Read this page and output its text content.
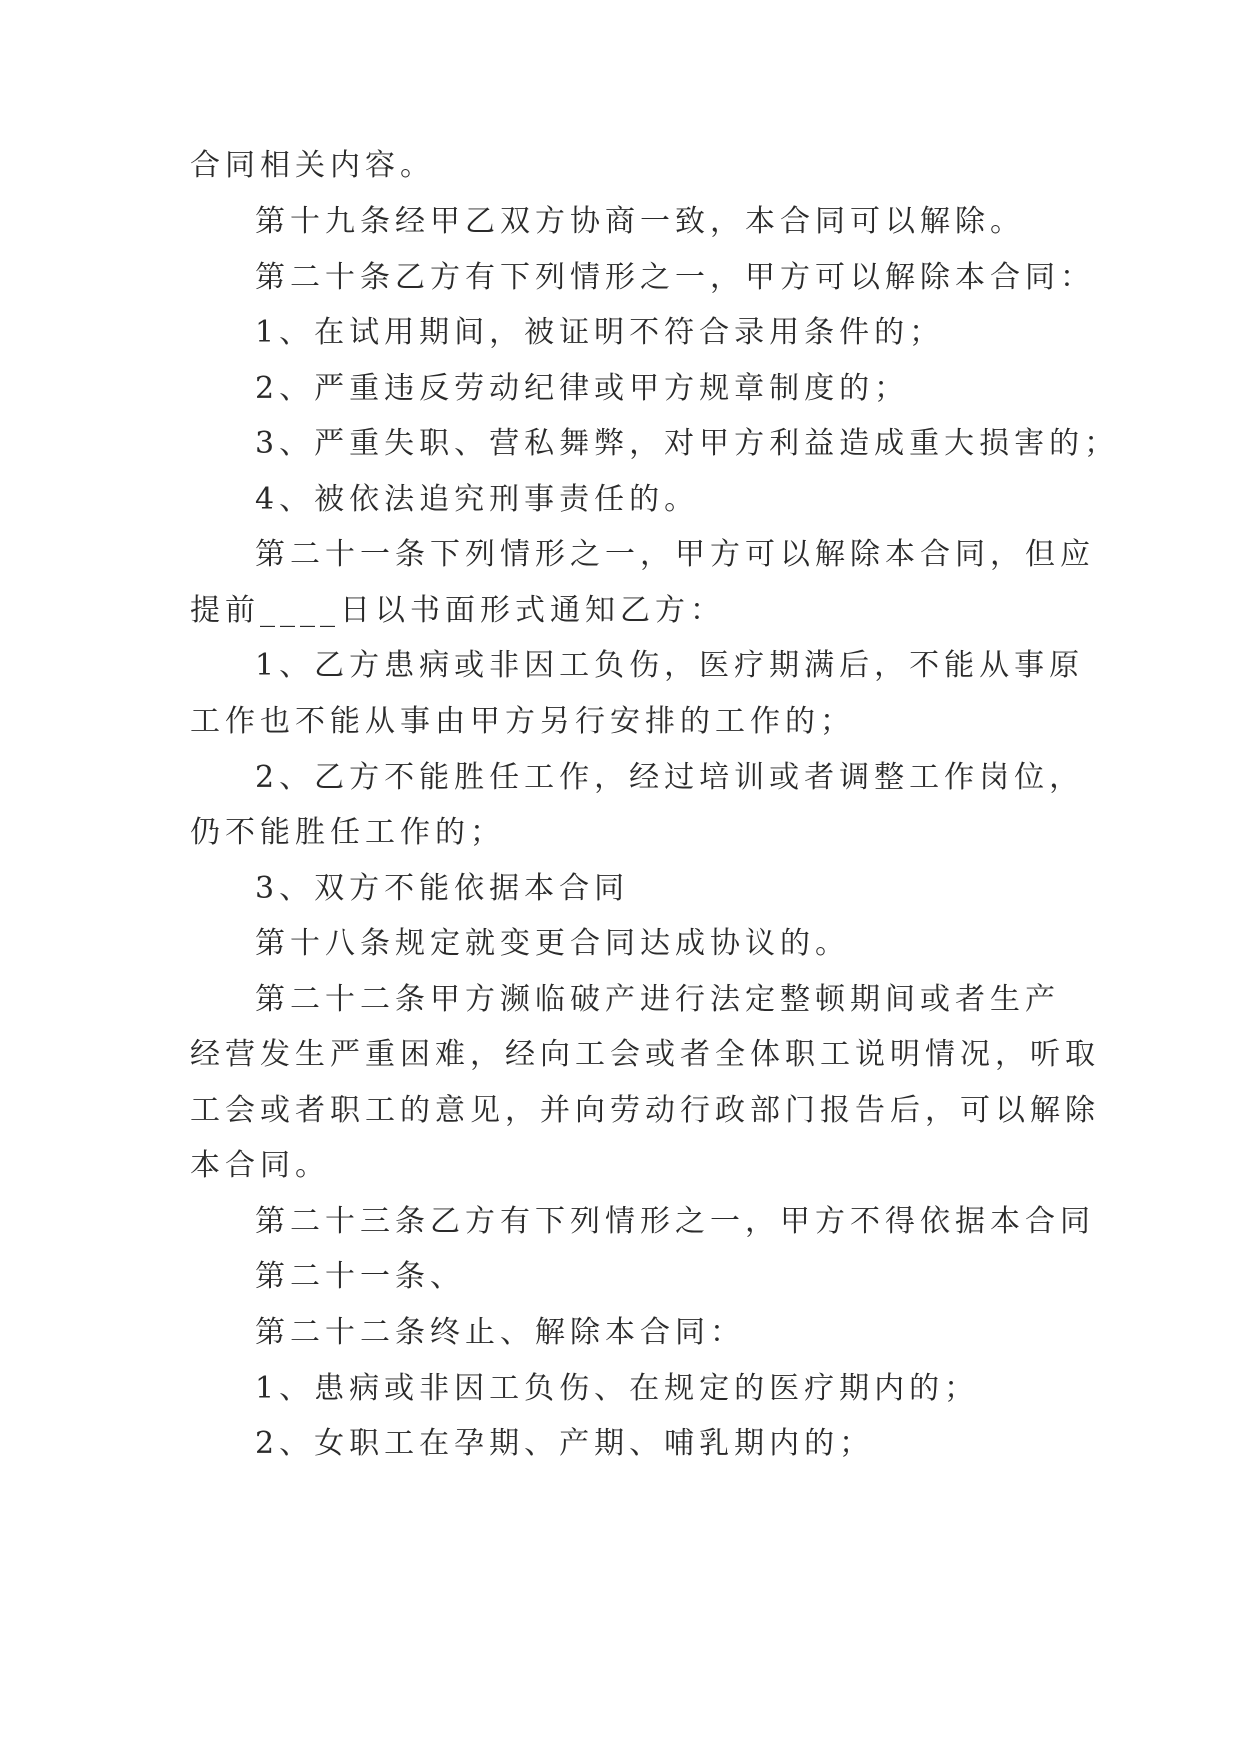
合同相关内容。

第十九条经甲乙双方协商一致，本合同可以解除。

第二十条乙方有下列情形之一，甲方可以解除本合同：

1、在试用期间，被证明不符合录用条件的；

2、严重违反劳动纪律或甲方规章制度的；

3、严重失职、营私舞弊，对甲方利益造成重大损害的；

4、被依法追究刑事责任的。

第二十一条下列情形之一，甲方可以解除本合同，但应

提前____日以书面形式通知乙方：

1、乙方患病或非因工负伤，医疗期满后，不能从事原

工作也不能从事由甲方另行安排的工作的；

2、乙方不能胜任工作，经过培训或者调整工作岗位，

仍不能胜任工作的；

3、双方不能依据本合同

第十八条规定就变更合同达成协议的。

第二十二条甲方濒临破产进行法定整顿期间或者生产

经营发生严重困难，经向工会或者全体职工说明情况，听取

工会或者职工的意见，并向劳动行政部门报告后，可以解除

本合同。

第二十三条乙方有下列情形之一，甲方不得依据本合同

第二十一条、

第二十二条终止、解除本合同：

1、患病或非因工负伤、在规定的医疗期内的；

2、女职工在孕期、产期、哺乳期内的；
